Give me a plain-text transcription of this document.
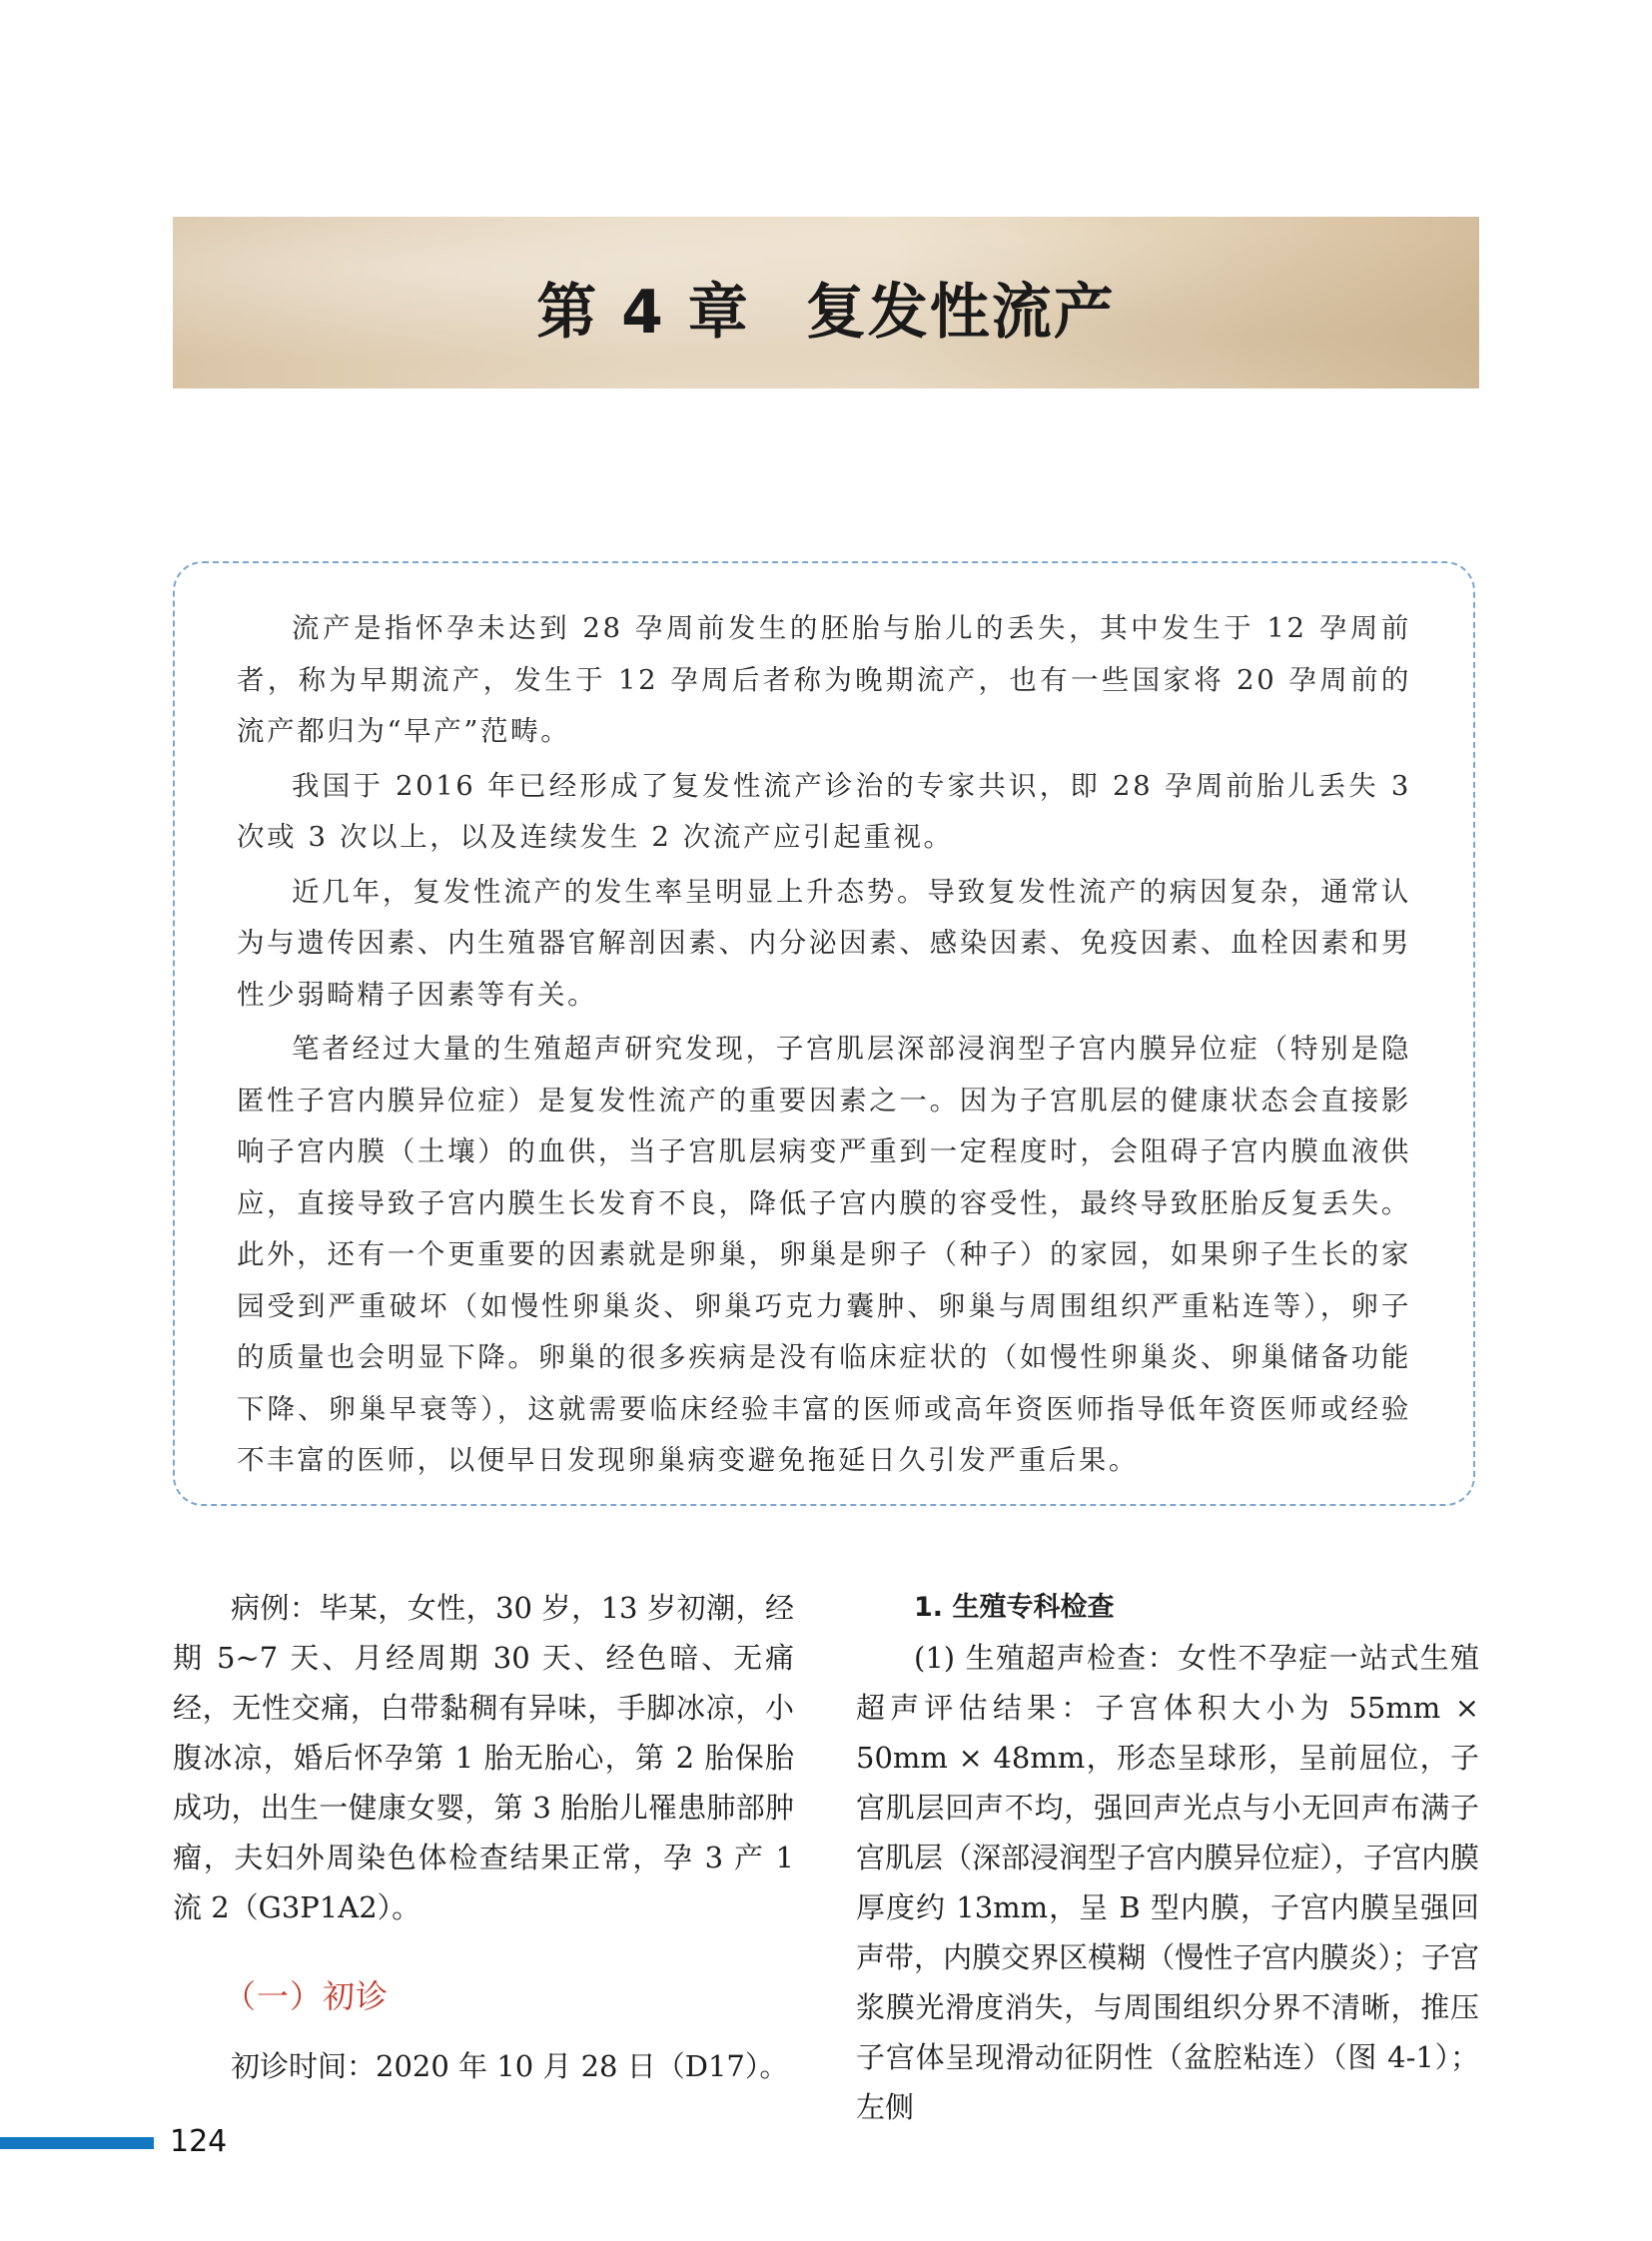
第 4 章 复发性流产

流产是指怀孕未达到 28 孕周前发生的胚胎与胎儿的丢失，其中发生于 12 孕周前者，称为早期流产，发生于 12 孕周后者称为晚期流产，也有一些国家将 20 孕周前的流产都归为“早产”范畴。

我国于 2016 年已经形成了复发性流产诊治的专家共识，即 28 孕周前胎儿丢失 3 次或 3 次以上，以及连续发生 2 次流产应引起重视。

近几年，复发性流产的发生率呈明显上升态势。导致复发性流产的病因复杂，通常认为与遗传因素、内生殖器官解剖因素、内分泌因素、感染因素、免疫因素、血栓因素和男性少弱畸精子因素等有关。

笔者经过大量的生殖超声研究发现，子宫肌层深部浸润型子宫内膜异位症（特别是隐匿性子宫内膜异位症）是复发性流产的重要因素之一。因为子宫肌层的健康状态会直接影响子宫内膜（土壤）的血供，当子宫肌层病变严重到一定程度时，会阻碍子宫内膜血液供应，直接导致子宫内膜生长发育不良，降低子宫内膜的容受性，最终导致胚胎反复丢失。此外，还有一个更重要的因素就是卵巢，卵巢是卵子（种子）的家园，如果卵子生长的家园受到严重破坏（如慢性卵巢炎、卵巢巧克力囊肿、卵巢与周围组织严重粘连等），卵子的质量也会明显下降。卵巢的很多疾病是没有临床症状的（如慢性卵巢炎、卵巢储备功能下降、卵巢早衰等），这就需要临床经验丰富的医师或高年资医师指导低年资医师或经验不丰富的医师，以便早日发现卵巢病变避免拖延日久引发严重后果。

病例：毕某，女性，30 岁，13 岁初潮，经期 5~7 天、月经周期 30 天、经色暗、无痛经，无性交痛，白带黏稠有异味，手脚冰凉，小腹冰凉，婚后怀孕第 1 胎无胎心，第 2 胎保胎成功，出生一健康女婴，第 3 胎胎儿罹患肺部肿瘤，夫妇外周染色体检查结果正常，孕 3 产 1 流 2（G3P1A2）。

（一）初诊
初诊时间：2020 年 10 月 28 日（D17）。
1. 生殖专科检查

(1) 生殖超声检查：女性不孕症一站式生殖超声评估结果：子宫体积大小为 55mm × 50mm × 48mm，形态呈球形，呈前屈位，子宫肌层回声不均，强回声光点与小无回声布满子宫肌层（深部浸润型子宫内膜异位症），子宫内膜厚度约 13mm，呈 B 型内膜，子宫内膜呈强回声带，内膜交界区模糊（慢性子宫内膜炎）；子宫浆膜光滑度消失，与周围组织分界不清晰，推压子宫体呈现滑动征阴性（盆腔粘连）（图 4-1）；左侧

124
